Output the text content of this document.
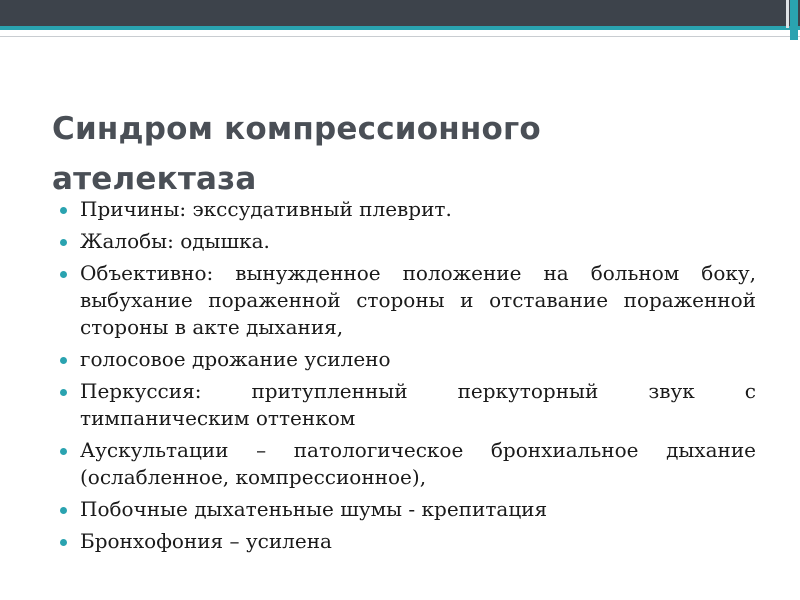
Синдром компрессионного ателектаза
Причины: экссудативный плеврит.
Жалобы: одышка.
Объективно: вынужденное положение на больном боку, выбухание пораженной стороны и отставание пораженной стороны в акте дыхания,
голосовое дрожание усилено
Перкуссия: притупленный перкуторный звук с тимпаническим оттенком
Аускультации – патологическое бронхиальное дыхание (ослабленное, компрессионное),
Побочные дыхатеньные шумы - крепитация
Бронхофония – усилена
